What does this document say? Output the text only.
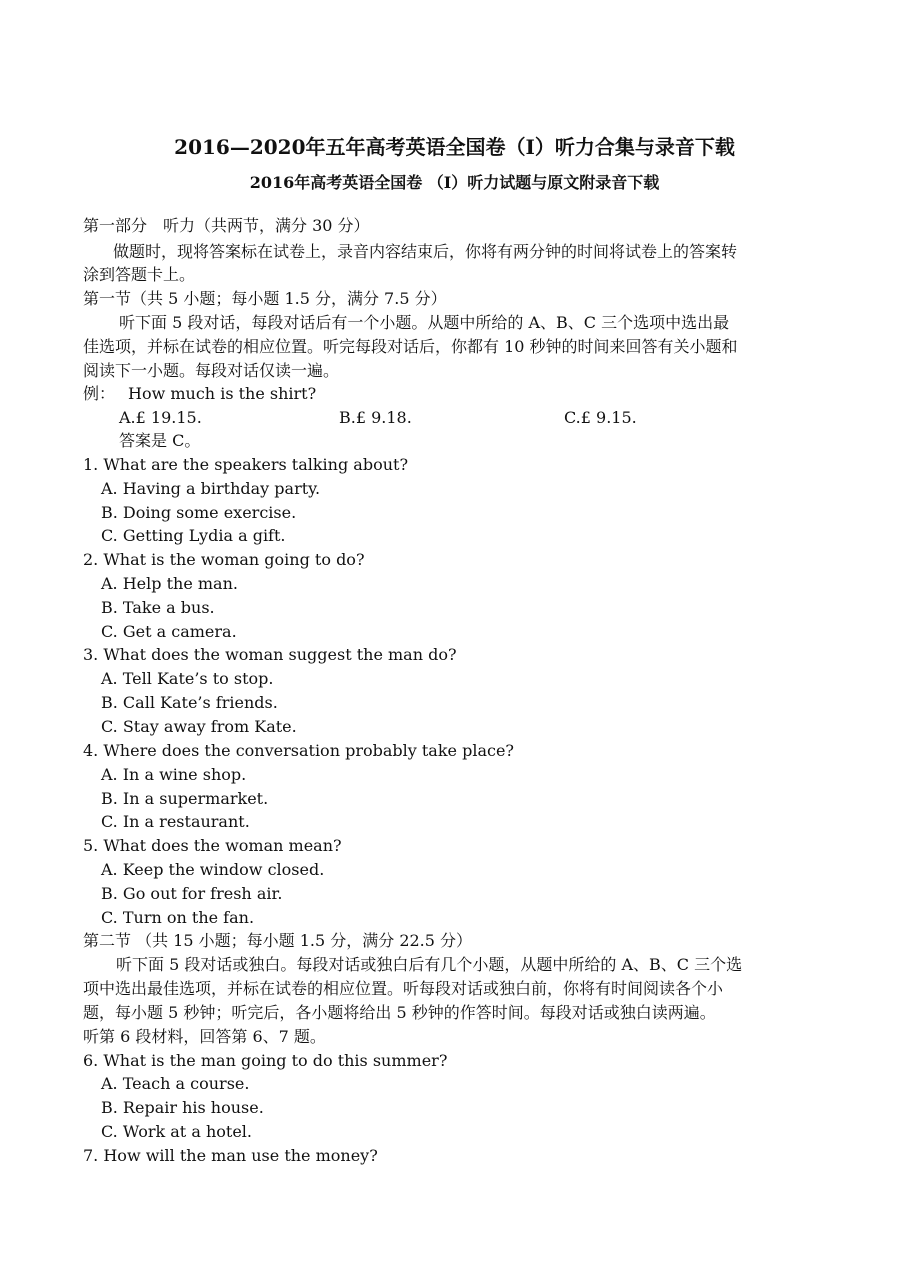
2016—2020年五年高考英语全国卷（I）听力合集与录音下载
2016年高考英语全国卷 （I）听力试题与原文附录音下载
第一部分　听力（共两节，满分 30 分）
做题时，现将答案标在试卷上，录音内容结束后，你将有两分钟的时间将试卷上的答案转
涂到答题卡上。
第一节（共 5 小题；每小题 1.5 分，满分 7.5 分）
听下面 5 段对话，每段对话后有一个小题。从题中所给的 A、B、C 三个选项中选出最
佳选项，并标在试卷的相应位置。听完每段对话后，你都有 10 秒钟的时间来回答有关小题和
阅读下一小题。每段对话仅读一遍。
例： How much is the shirt?
A.£ 19.15.	B.£ 9.18.	C.£ 9.15.
答案是 C。
1. What are the speakers talking about?
A. Having a birthday party.
B. Doing some exercise.
C. Getting Lydia a gift.
2. What is the woman going to do?
A. Help the man.
B. Take a bus.
C. Get a camera.
3. What does the woman suggest the man do?
A. Tell Kate’s to stop.
B. Call Kate’s friends.
C. Stay away from Kate.
4. Where does the conversation probably take place?
A. In a wine shop.
B. In a supermarket.
C. In a restaurant.
5. What does the woman mean?
A. Keep the window closed.
B. Go out for fresh air.
C. Turn on the fan.
第二节 （共 15 小题；每小题 1.5 分，满分 22.5 分）
听下面 5 段对话或独白。每段对话或独白后有几个小题，从题中所给的 A、B、C 三个选
项中选出最佳选项，并标在试卷的相应位置。听每段对话或独白前，你将有时间阅读各个小
题，每小题 5 秒钟；听完后，各小题将给出 5 秒钟的作答时间。每段对话或独白读两遍。
听第 6 段材料，回答第 6、7 题。
6. What is the man going to do this summer?
A. Teach a course.
B. Repair his house.
C. Work at a hotel.
7. How will the man use the money?
